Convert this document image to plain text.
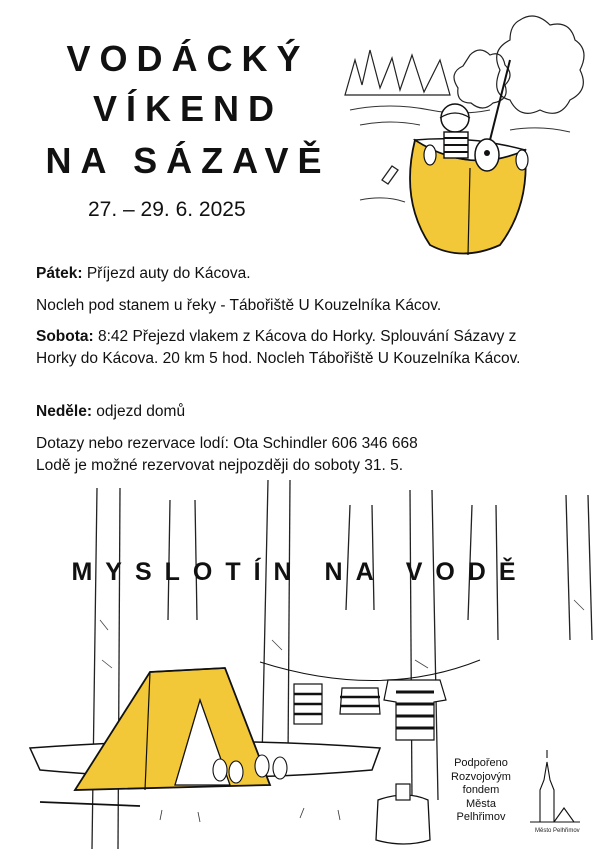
VODÁCKÝ
VÍKEND
NA SÁZAVĚ
27. – 29. 6. 2025
Pátek: Příjezd auty do Kácova.
Nocleh pod stanem u řeky - Tábořiště U Kouzelníka Kácov.
Sobota: 8:42 Přejezd vlakem z Kácova do Horky. Splouvání Sázavy z Horky do Kácova. 20 km 5 hod. Nocleh Tábořiště U Kouzelníka Kácov.
Neděle: odjezd domů
Dotazy nebo rezervace lodí: Ota Schindler 606 346 668
Lodě je možné rezervovat nejpozději do soboty 31. 5.
MYSLOTÍN NA VODĚ
Podpořeno
Rozvojovým
fondem
Města
Pelhřimov
Město Pelhřimov
